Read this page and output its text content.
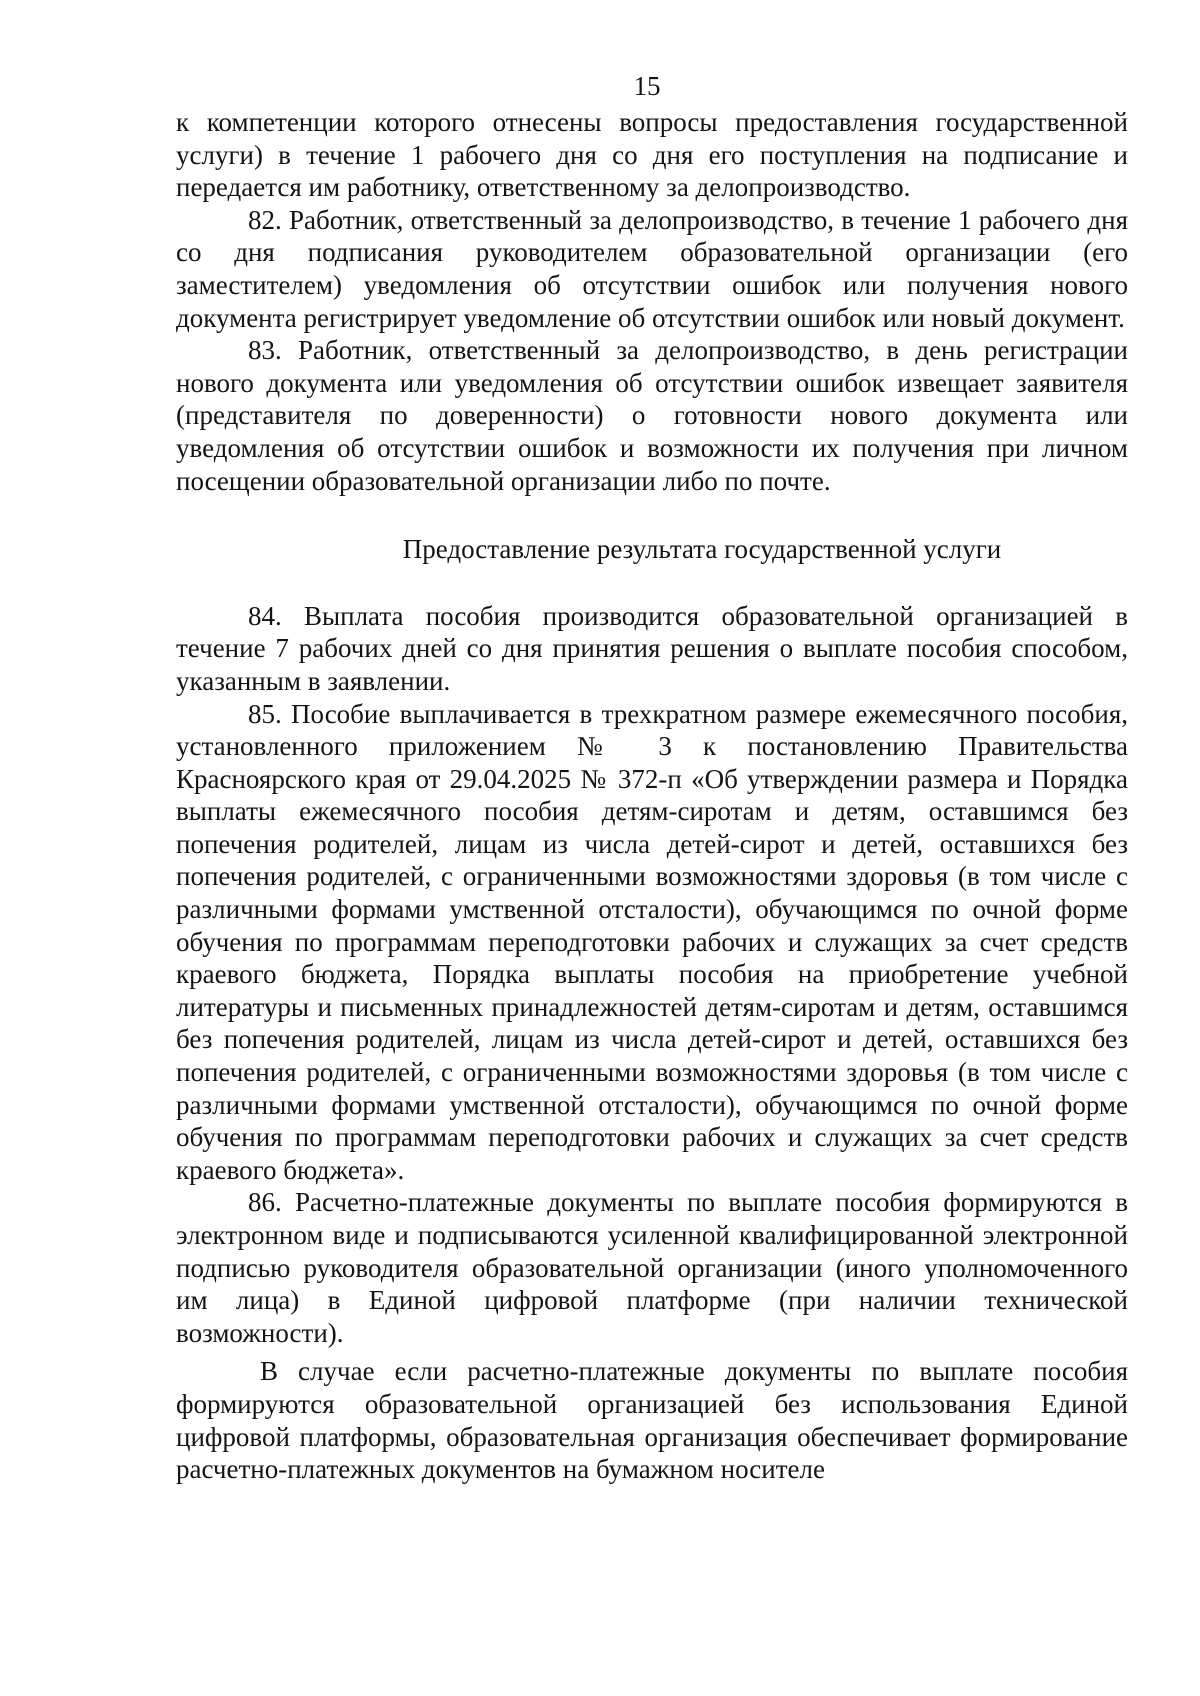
15

к компетенции которого отнесены вопросы предоставления государственной услуги) в течение 1 рабочего дня со дня его поступления на подписание и передается им работнику, ответственному за делопроизводство.

82. Работник, ответственный за делопроизводство, в течение 1 рабочего дня со дня подписания руководителем образовательной организации (его заместителем) уведомления об отсутствии ошибок или получения нового документа регистрирует уведомление об отсутствии ошибок или новый документ.

83. Работник, ответственный за делопроизводство, в день регистрации нового документа или уведомления об отсутствии ошибок извещает заявителя (представителя по доверенности) о готовности нового документа или уведомления об отсутствии ошибок и возможности их получения при личном посещении образовательной организации либо по почте.

Предоставление результата государственной услуги

84. Выплата пособия производится образовательной организацией в течение 7 рабочих дней со дня принятия решения о выплате пособия способом, указанным в заявлении.

85. Пособие выплачивается в трехкратном размере ежемесячного пособия, установленного приложением № 3 к постановлению Правительства Красноярского края от 29.04.2025 № 372-п «Об утверждении размера и Порядка выплаты ежемесячного пособия детям-сиротам и детям, оставшимся без попечения родителей, лицам из числа детей-сирот и детей, оставшихся без попечения родителей, с ограниченными возможностями здоровья (в том числе с различными формами умственной отсталости), обучающимся по очной форме обучения по программам переподготовки рабочих и служащих за счет средств краевого бюджета, Порядка выплаты пособия на приобретение учебной литературы и письменных принадлежностей детям-сиротам и детям, оставшимся без попечения родителей, лицам из числа детей-сирот и детей, оставшихся без попечения родителей, с ограниченными возможностями здоровья (в том числе с различными формами умственной отсталости), обучающимся по очной форме обучения по программам переподготовки рабочих и служащих за счет средств краевого бюджета».

86. Расчетно-платежные документы по выплате пособия формируются в электронном виде и подписываются усиленной квалифицированной электронной подписью руководителя образовательной организации (иного уполномоченного им лица) в Единой цифровой платформе (при наличии технической возможности).

В случае если расчетно-платежные документы по выплате пособия формируются образовательной организацией без использования Единой цифровой платформы, образовательная организация обеспечивает формирование расчетно-платежных документов на бумажном носителе
